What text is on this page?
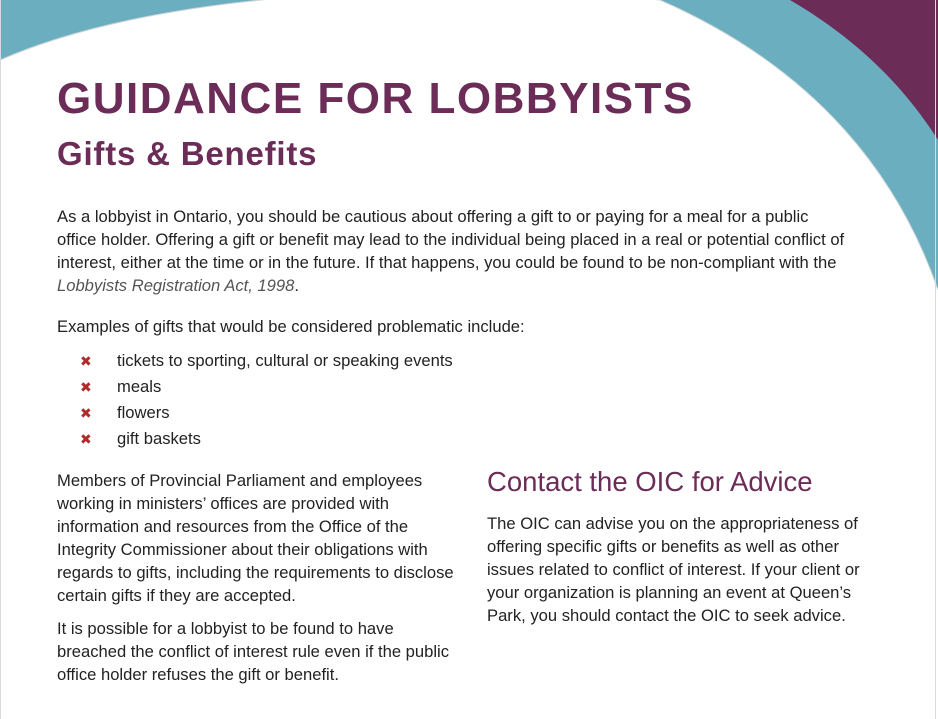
GUIDANCE FOR LOBBYISTS
Gifts & Benefits

As a lobbyist in Ontario, you should be cautious about offering a gift to or paying for a meal for a public office holder. Offering a gift or benefit may lead to the individual being placed in a real or potential conflict of interest, either at the time or in the future. If that happens, you could be found to be non-compliant with the Lobbyists Registration Act, 1998.

Examples of gifts that would be considered problematic include:

✖	tickets to sporting, cultural or speaking events
✖	meals
✖	flowers
✖	gift baskets

Members of Provincial Parliament and employees working in ministers’ offices are provided with information and resources from the Office of the Integrity Commissioner about their obligations with regards to gifts, including the requirements to disclose certain gifts if they are accepted.

It is possible for a lobbyist to be found to have breached the conflict of interest rule even if the public office holder refuses the gift or benefit.

Contact the OIC for Advice

The OIC can advise you on the appropriateness of offering specific gifts or benefits as well as other issues related to conflict of interest. If your client or your organization is planning an event at Queen’s Park, you should contact the OIC to seek advice.
